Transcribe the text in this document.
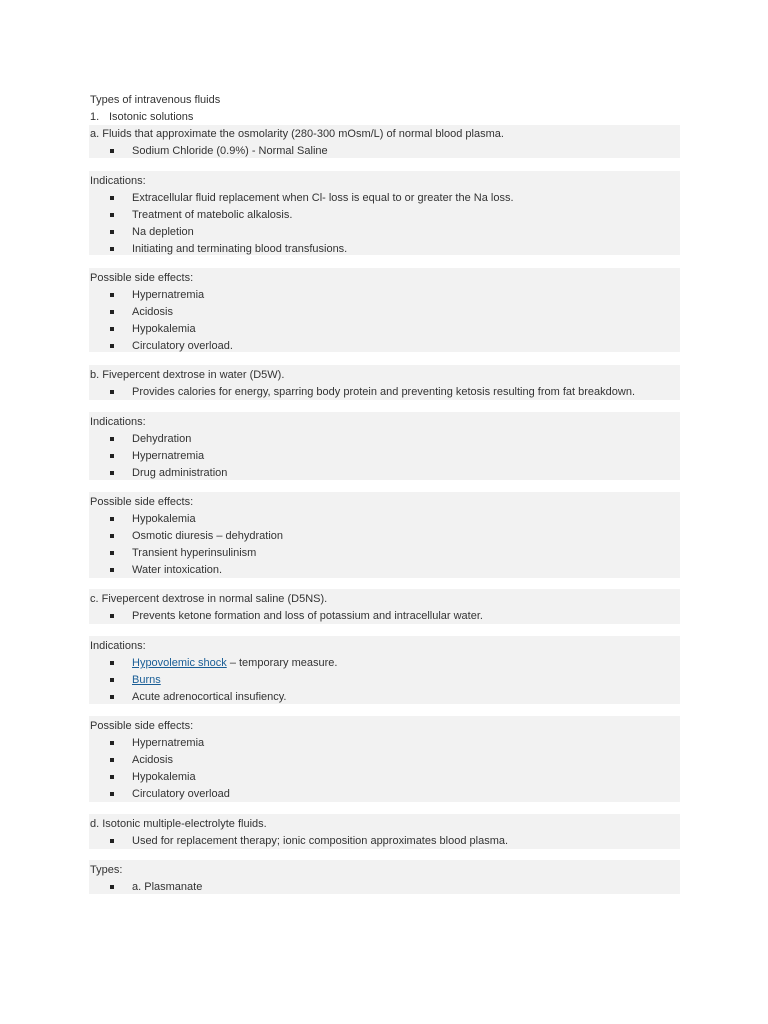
Types of intravenous fluids
1. Isotonic solutions
a. Fluids that approximate the osmolarity (280-300 mOsm/L) of normal blood plasma.
Sodium Chloride (0.9%) - Normal Saline
Indications:
Extracellular fluid replacement when Cl- loss is equal to or greater the Na loss.
Treatment of matebolic alkalosis.
Na depletion
Initiating and terminating blood transfusions.
Possible side effects:
Hypernatremia
Acidosis
Hypokalemia
Circulatory overload.
b. Fivepercent dextrose in water (D5W).
Provides calories for energy, sparring body protein and preventing ketosis resulting from fat breakdown.
Indications:
Dehydration
Hypernatremia
Drug administration
Possible side effects:
Hypokalemia
Osmotic diuresis – dehydration
Transient hyperinsulinism
Water intoxication.
c. Fivepercent dextrose in normal saline (D5NS).
Prevents ketone formation and loss of potassium and intracellular water.
Indications:
Hypovolemic shock – temporary measure.
Burns
Acute adrenocortical insufiency.
Possible side effects:
Hypernatremia
Acidosis
Hypokalemia
Circulatory overload
d. Isotonic multiple-electrolyte fluids.
Used for replacement therapy; ionic composition approximates blood plasma.
Types:
a. Plasmanate
